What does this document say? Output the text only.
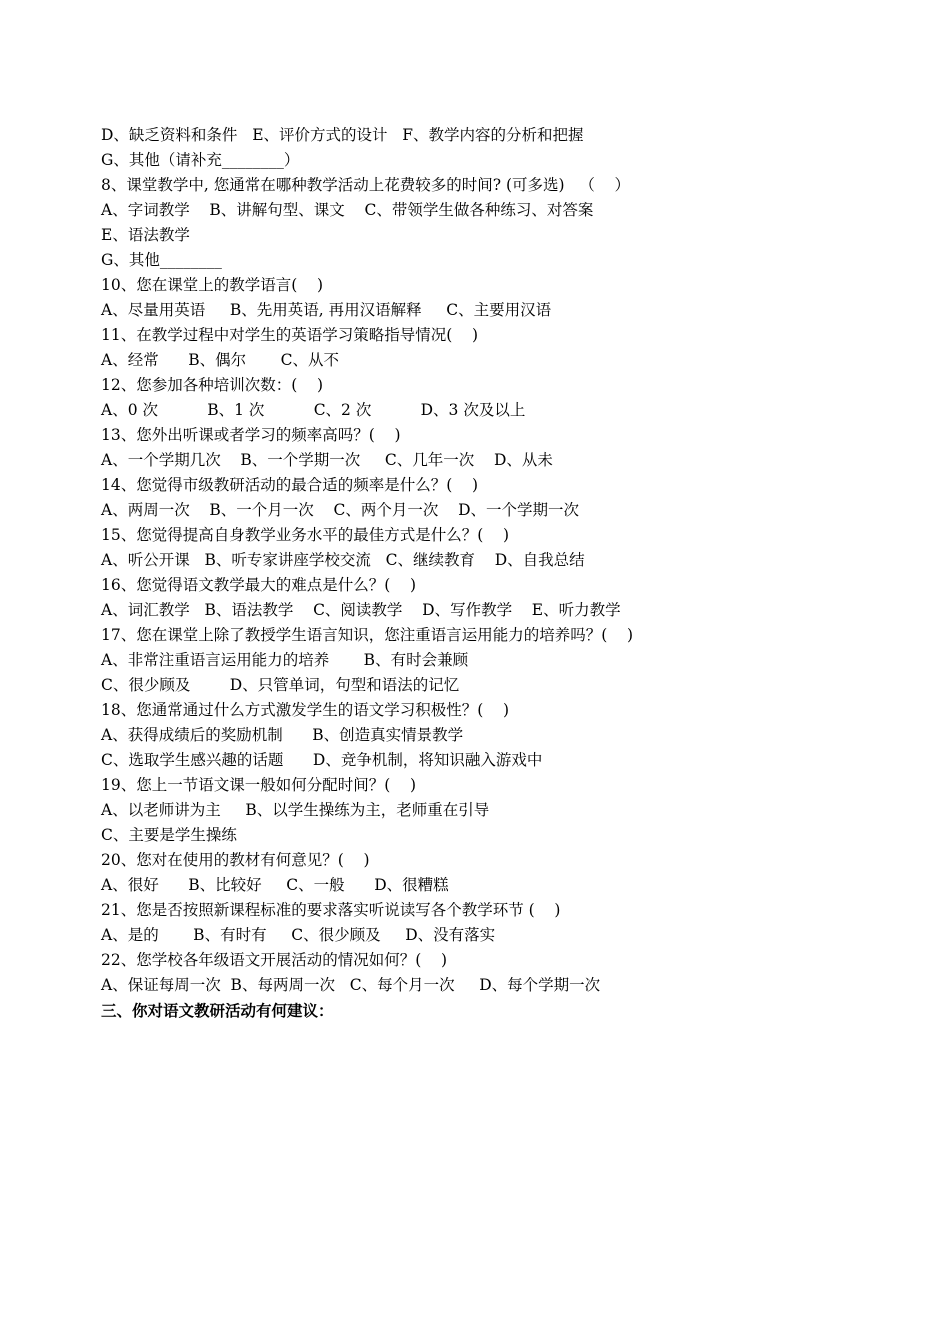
D、缺乏资料和条件   E、评价方式的设计   F、教学内容的分析和把握
G、其他（请补充________）
8、课堂教学中, 您通常在哪种教学活动上花费较多的时间? (可多选)   （    ）
A、字词教学    B、讲解句型、课文    C、带领学生做各种练习、对答案
E、语法教学
G、其他________
10、您在课堂上的教学语言(    )
A、尽量用英语     B、先用英语, 再用汉语解释     C、主要用汉语
11、在教学过程中对学生的英语学习策略指导情况(    )
A、经常      B、偶尔       C、从不
12、您参加各种培训次数：(    )
A、0 次          B、1 次          C、2 次          D、3 次及以上
13、您外出听课或者学习的频率高吗？(    )
A、一个学期几次    B、一个学期一次     C、几年一次    D、从未
14、您觉得市级教研活动的最合适的频率是什么？(    )
A、两周一次    B、一个月一次    C、两个月一次    D、一个学期一次
15、您觉得提高自身教学业务水平的最佳方式是什么？(    )
A、听公开课   B、听专家讲座学校交流   C、继续教育    D、自我总结
16、您觉得语文教学最大的难点是什么？(    )
A、词汇教学   B、语法教学    C、阅读教学    D、写作教学    E、听力教学
17、您在课堂上除了教授学生语言知识，您注重语言运用能力的培养吗？(    )
A、非常注重语言运用能力的培养       B、有时会兼顾
C、很少顾及        D、只管单词，句型和语法的记忆
18、您通常通过什么方式激发学生的语文学习积极性？(    )
A、获得成绩后的奖励机制      B、创造真实情景教学
C、选取学生感兴趣的话题      D、竞争机制，将知识融入游戏中
19、您上一节语文课一般如何分配时间？(    )
A、以老师讲为主     B、以学生操练为主，老师重在引导
C、主要是学生操练
20、您对在使用的教材有何意见？(    )
A、很好      B、比较好     C、一般      D、很糟糕
21、您是否按照新课程标准的要求落实听说读写各个教学环节 (    )
A、是的       B、有时有     C、很少顾及     D、没有落实
22、您学校各年级语文开展活动的情况如何？(    )
A、保证每周一次  B、每两周一次   C、每个月一次     D、每个学期一次
三、你对语文教研活动有何建议：
